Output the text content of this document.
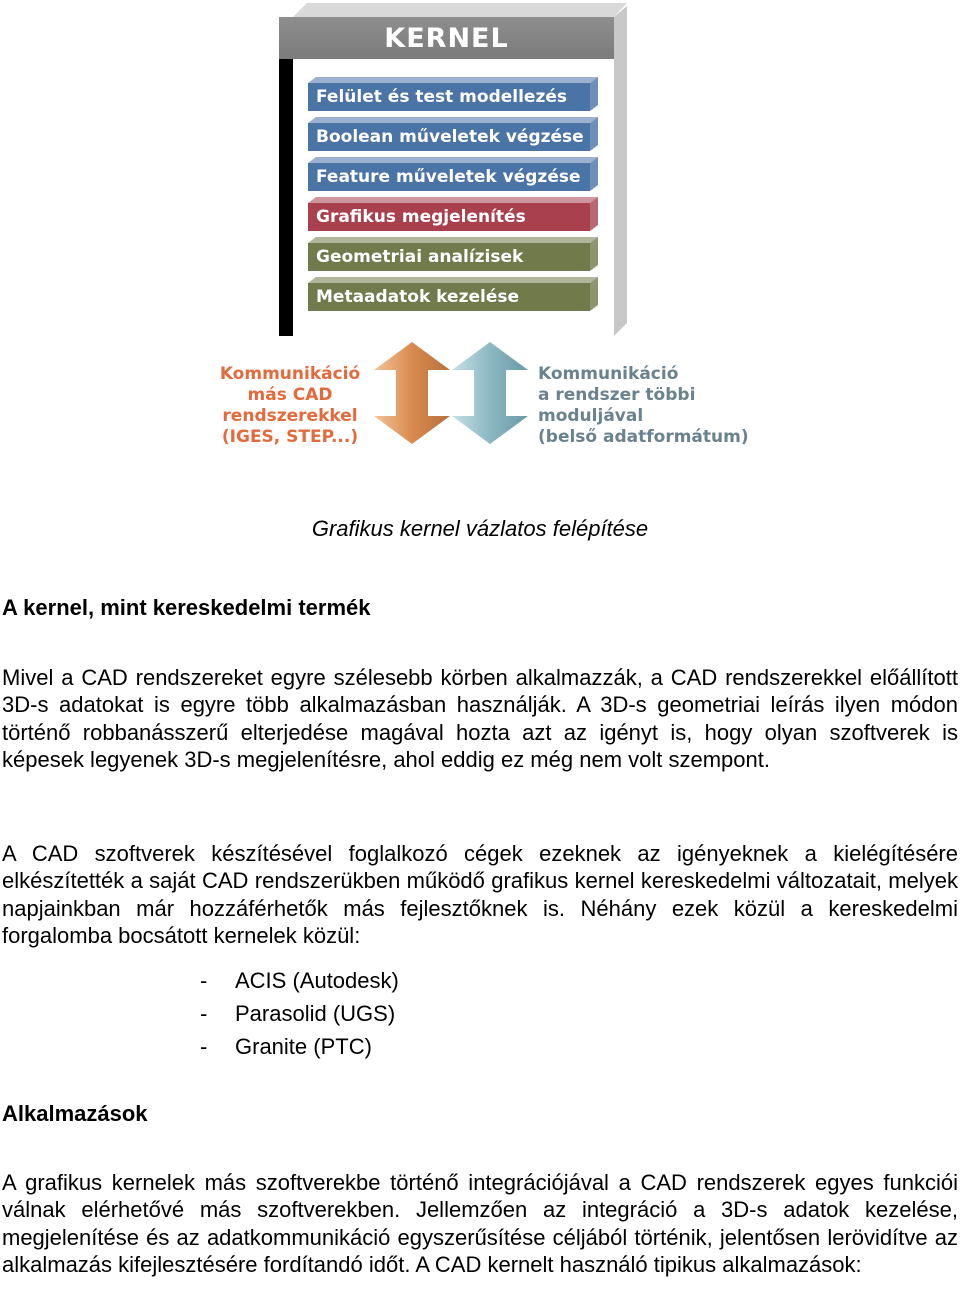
KERNEL
Felület és test modellezés
Boolean műveletek végzése
Feature műveletek végzése
Grafikus megjelenítés
Geometriai analízisek
Metaadatok kezelése
Kommunikáció
más CAD
rendszerekkel
(IGES, STEP...)
Kommunikáció
a rendszer többi
moduljával
(belső adatformátum)
Grafikus kernel vázlatos felépítése
A kernel, mint kereskedelmi termék

Mivel a CAD rendszereket egyre szélesebb körben alkalmazzák, a CAD rendszerekkel előállított 3D-s adatokat is egyre több alkalmazásban használják. A 3D-s geometriai leírás ilyen módon történő robbanásszerű elterjedése magával hozta azt az igényt is, hogy olyan szoftverek is képesek legyenek 3D-s megjelenítésre, ahol eddig ez még nem volt szempont.

A CAD szoftverek készítésével foglalkozó cégek ezeknek az igényeknek a kielégítésére elkészítették a saját CAD rendszerükben működő grafikus kernel kereskedelmi változatait, melyek napjainkban már hozzáférhetők más fejlesztőknek is. Néhány ezek közül a kereskedelmi forgalomba bocsátott kernelek közül:

- ACIS (Autodesk)
- Parasolid (UGS)
- Granite (PTC)
Alkalmazások

A grafikus kernelek más szoftverekbe történő integrációjával a CAD rendszerek egyes funkciói válnak elérhetővé más szoftverekben. Jellemzően az integráció a 3D-s adatok kezelése, megjelenítése és az adatkommunikáció egyszerűsítése céljából történik, jelentősen lerövidítve az alkalmazás kifejlesztésére fordítandó időt. A CAD kernelt használó tipikus alkalmazások:
